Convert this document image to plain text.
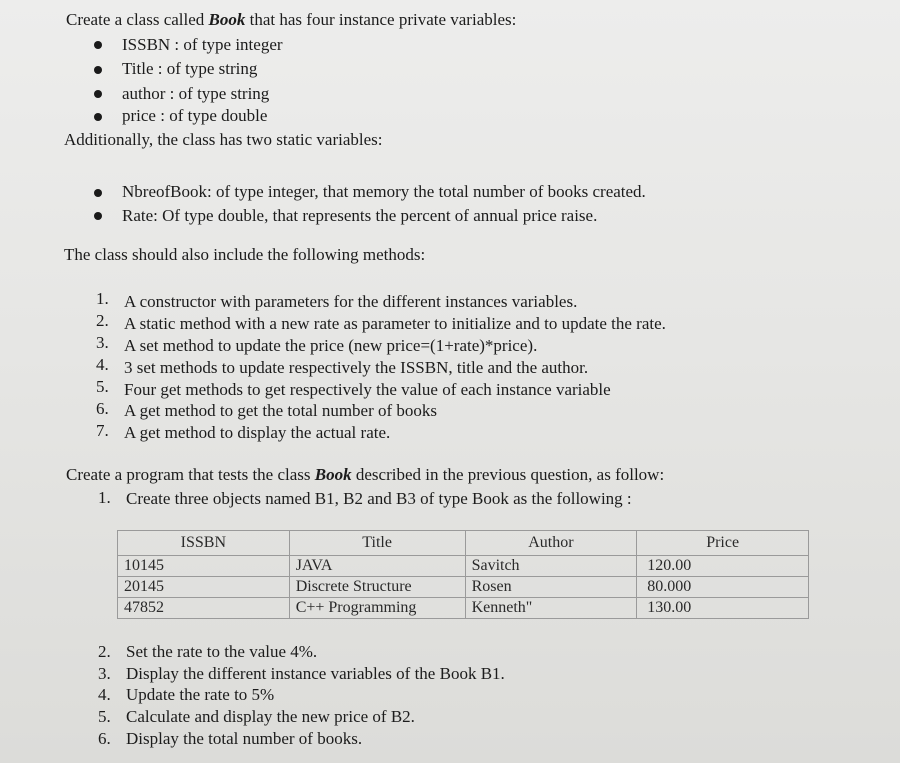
Create a class called Book that has four instance private variables:
ISSBN : of type integer
Title : of type string
author : of type string
price : of type double
Additionally, the class has two static variables:
NbreofBook: of type integer, that memory the total number of books created.
Rate: Of type double, that represents the percent of annual price raise.
The class should also include the following methods:
1. A constructor with parameters for the different instances variables.
2. A static method with a new rate as parameter to initialize and to update the rate.
3. A set method to update the price (new price=(1+rate)*price).
4. 3 set methods to update respectively the ISSBN, title and the author.
5. Four get methods to get respectively the value of each instance variable
6. A get method to get the total number of books
7. A get method to display the actual rate.
Create a program that tests the class Book described in the previous question, as follow:
1. Create three objects named B1, B2 and B3 of type Book as the following :
ISSBN	Title	Author	Price
10145	JAVA	Savitch	120.00
20145	Discrete Structure	Rosen	80.000
47852	C++ Programming	Kenneth"	130.00
2. Set the rate to the value 4%.
3. Display the different instance variables of the Book B1.
4. Update the rate to 5%
5. Calculate and display the new price of B2.
6. Display the total number of books.
